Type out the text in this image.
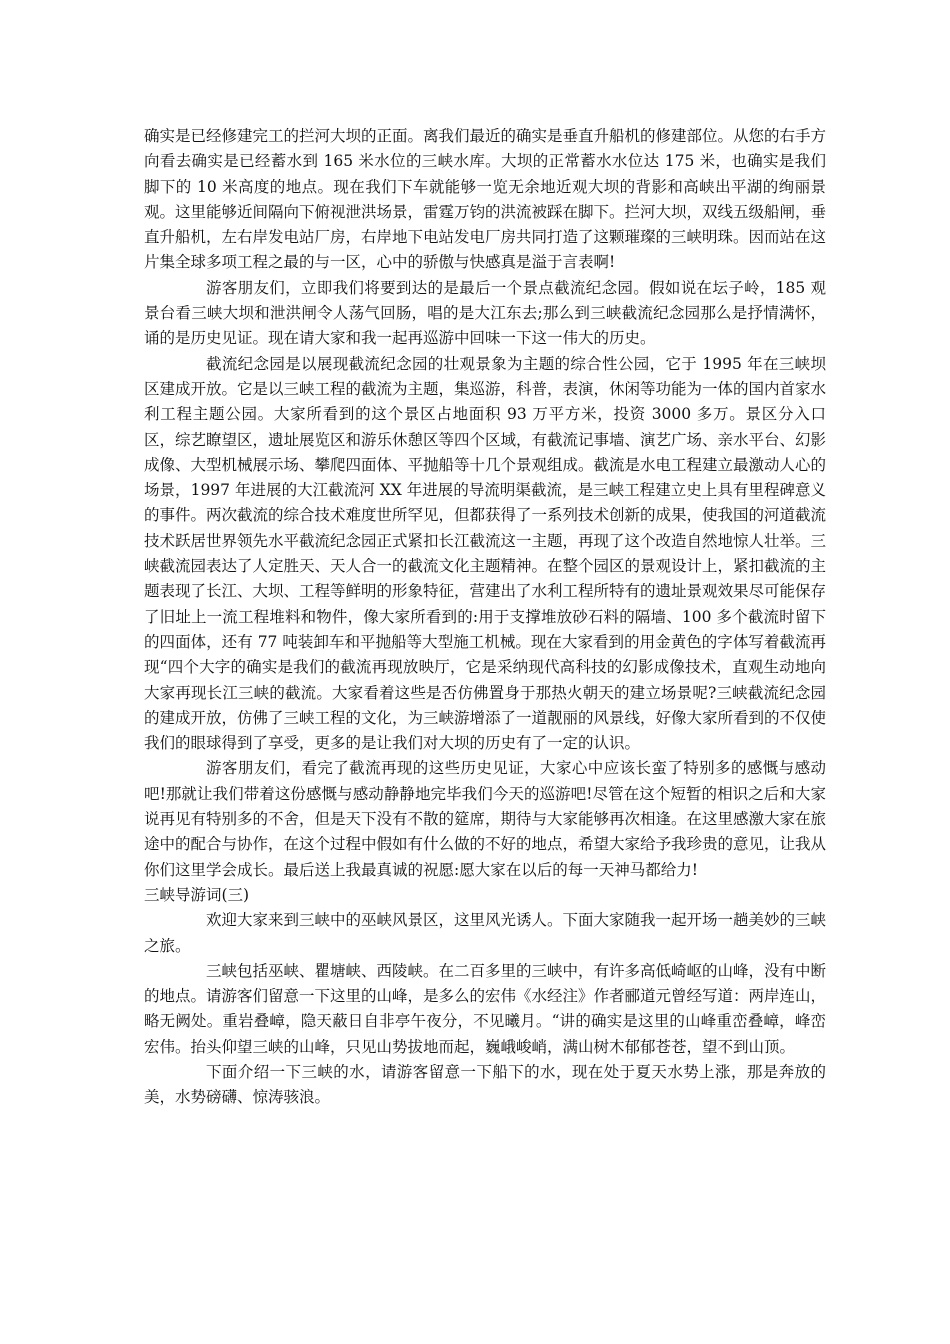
确实是已经修建完工的拦河大坝的正面。离我们最近的确实是垂直升船机的修建部位。从您的右手方向看去确实是已经蓄水到 165 米水位的三峡水库。大坝的正常蓄水水位达 175 米，也确实是我们脚下的 10 米高度的地点。现在我们下车就能够一览无余地近观大坝的背影和高峡出平湖的绚丽景观。这里能够近间隔向下俯视泄洪场景，雷霆万钧的洪流被踩在脚下。拦河大坝，双线五级船闸，垂直升船机，左右岸发电站厂房，右岸地下电站发电厂房共同打造了这颗璀璨的三峡明珠。因而站在这片集全球多项工程之最的与一区，心中的骄傲与快感真是溢于言表啊!

游客朋友们，立即我们将要到达的是最后一个景点截流纪念园。假如说在坛子岭，185 观景台看三峡大坝和泄洪闸令人荡气回肠，唱的是大江东去;那么到三峡截流纪念园那么是抒情满怀，诵的是历史见证。现在请大家和我一起再巡游中回味一下这一伟大的历史。

截流纪念园是以展现截流纪念园的壮观景象为主题的综合性公园，它于 1995 年在三峡坝区建成开放。它是以三峡工程的截流为主题，集巡游，科普，表演，休闲等功能为一体的国内首家水利工程主题公园。大家所看到的这个景区占地面积 93 万平方米，投资 3000 多万。景区分入口区，综艺瞭望区，遗址展览区和游乐休憩区等四个区域，有截流记事墙、演艺广场、亲水平台、幻影成像、大型机械展示场、攀爬四面体、平抛船等十几个景观组成。截流是水电工程建立最激动人心的场景，1997 年进展的大江截流河 XX 年进展的导流明渠截流，是三峡工程建立史上具有里程碑意义的事件。两次截流的综合技术难度世所罕见，但都获得了一系列技术创新的成果，使我国的河道截流技术跃居世界领先水平截流纪念园正式紧扣长江截流这一主题，再现了这个改造自然地惊人壮举。三峡截流园表达了人定胜天、天人合一的截流文化主题精神。在整个园区的景观设计上，紧扣截流的主题表现了长江、大坝、工程等鲜明的形象特征，营建出了水利工程所特有的遗址景观效果尽可能保存了旧址上一流工程堆料和物件，像大家所看到的:用于支撑堆放砂石料的隔墙、100 多个截流时留下的四面体，还有 77 吨装卸车和平抛船等大型施工机械。现在大家看到的用金黄色的字体写着截流再现“四个大字的确实是我们的截流再现放映厅，它是采纳现代高科技的幻影成像技术，直观生动地向大家再现长江三峡的截流。大家看着这些是否仿佛置身于那热火朝天的建立场景呢?三峡截流纪念园的建成开放，仿佛了三峡工程的文化，为三峡游增添了一道靓丽的风景线，好像大家所看到的不仅使我们的眼球得到了享受，更多的是让我们对大坝的历史有了一定的认识。

游客朋友们，看完了截流再现的这些历史见证，大家心中应该长蛮了特别多的感慨与感动吧!那就让我们带着这份感慨与感动静静地完毕我们今天的巡游吧!尽管在这个短暂的相识之后和大家说再见有特别多的不舍，但是天下没有不散的筵席，期待与大家能够再次相逢。在这里感激大家在旅途中的配合与协作，在这个过程中假如有什么做的不好的地点，希望大家给予我珍贵的意见，让我从你们这里学会成长。最后送上我最真诚的祝愿:愿大家在以后的每一天神马都给力!

三峡导游词(三)

欢迎大家来到三峡中的巫峡风景区，这里风光诱人。下面大家随我一起开场一趟美妙的三峡之旅。

三峡包括巫峡、瞿塘峡、西陵峡。在二百多里的三峡中，有许多高低崎岖的山峰，没有中断的地点。请游客们留意一下这里的山峰，是多么的宏伟《水经注》作者郦道元曾经写道：两岸连山，略无阙处。重岩叠嶂，隐天蔽日自非亭午夜分，不见曦月。“讲的确实是这里的山峰重峦叠嶂，峰峦宏伟。抬头仰望三峡的山峰，只见山势拔地而起，巍峨峻峭，满山树木郁郁苍苍，望不到山顶。

下面介绍一下三峡的水，请游客留意一下船下的水，现在处于夏天水势上涨，那是奔放的美，水势磅礴、惊涛骇浪。
